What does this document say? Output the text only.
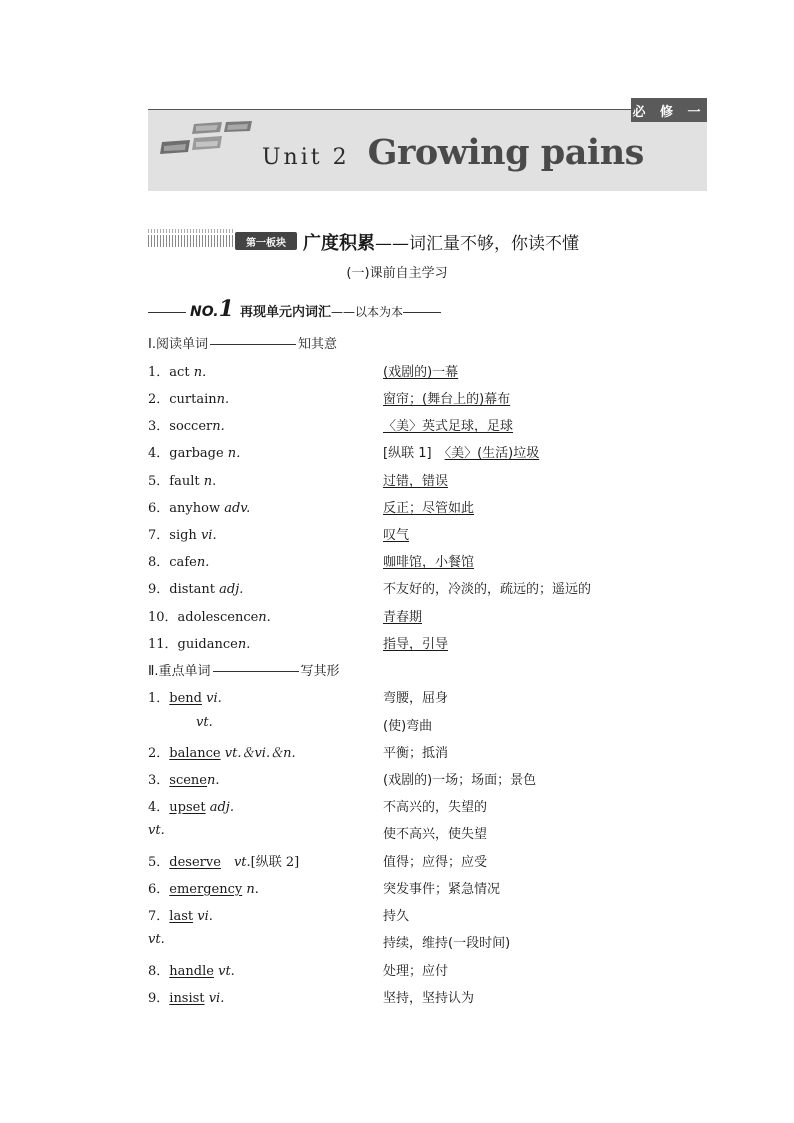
必 修 一
Unit 2 Growing pains
第一板块 广度积累——词汇量不够，你读不懂
(一)课前自主学习
NO.1 再现单元内词汇——以本为本
Ⅰ.阅读单词	知其意
1．act n．	(戏剧的)一幕
2．curtainn.	窗帘；(舞台上的)幕布
3．soccern.	〈美〉英式足球，足球
4．garbage n．	[纵联 1]　 〈美〉(生活)垃圾
5．fault n.	过错，错误
6．anyhow adv.	反正；尽管如此
7．sigh vi.	叹气
8．cafen.	咖啡馆，小餐馆
9．distant adj.	不友好的，冷淡的，疏远的；遥远的
10．adolescencen.	青春期
11．guidancen.	指导，引导
Ⅱ.重点单词	写其形
1．bend vi.	弯腰，屈身
vt.	(使)弯曲
2．balance vt.＆vi.＆n.	平衡；抵消
3．scenen.	(戏剧的)一场；场面；景色
4．upset adj.	不高兴的，失望的
vt.	使不高兴，使失望
5．deserve　 vt.[纵联 2]	值得；应得；应受
6．emergency n.	突发事件；紧急情况
7．last vi.	持久
vt.	持续，维持(一段时间)
8．handle vt.	处理；应付
9．insist vi.	坚持，坚持认为
